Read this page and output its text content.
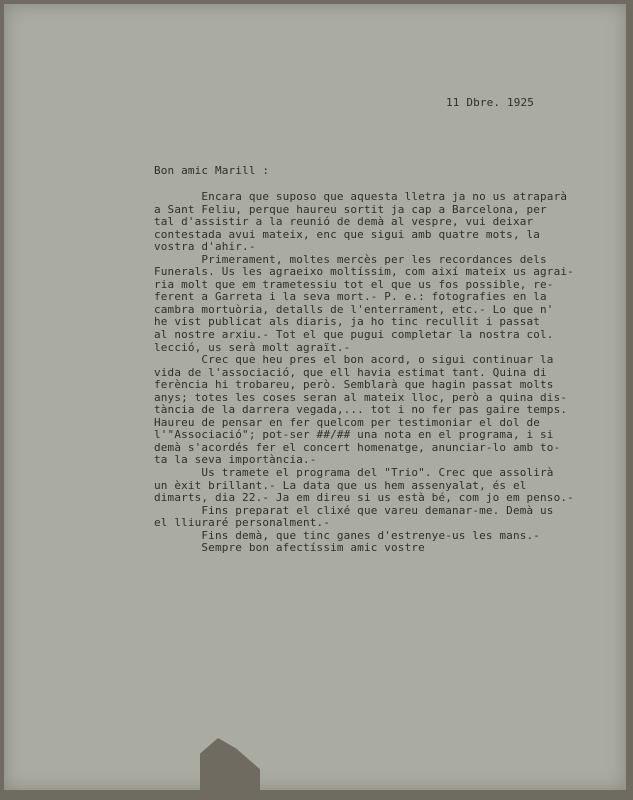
11 Dbre. 1925
Bon amic Marill :
Encara que suposo que aquesta lletra ja no us atraparà
a Sant Feliu, perque haureu sortit ja cap a Barcelona, per
tal d'assistir a la reunió de demà al vespre, vui deixar
contestada avui mateix, enc que sigui amb quatre mots, la
vostra d'ahir.-
Primerament, moltes mercès per les recordances dels
Funerals. Us les agraeixo moltíssim, com així mateix us agrai-
ria molt que em trametessiu tot el que us fos possible, re-
ferent a Garreta i la seva mort.- P. e.: fotografies en la
cambra mortuòria, detalls de l'enterrament, etc.- Lo que n'
he vist publicat als diaris, ja ho tinc recullit i passat
al nostre arxiu.- Tot el que pugui completar la nostra col.
lecció, us serà molt agraït.-
Crec que heu pres el bon acord, o sigui continuar la
vida de l'associació, que ell havia estimat tant. Quina di
ferència hi trobareu, però. Semblarà que hagin passat molts
anys; totes les coses seran al mateix lloc, però a quina dis-
tància de la darrera vegada,... tot i no fer pas gaire temps.
Haureu de pensar en fer quelcom per testimoniar el dol de
l'"Associació"; pot-ser ##/## una nota en el programa, i si
demà s'acordés fer el concert homenatge, anunciar-lo amb to-
ta la seva importància.-
Us tramete el programa del "Trio". Crec que assolirà
un èxit brillant.- La data que us hem assenyalat, és el
dimarts, dia 22.- Ja em direu si us està bé, com jo em penso.-
Fins preparat el clixé que vareu demanar-me. Demà us
el lliuraré personalment.-
Fins demà, que tinc ganes d'estrenye-us les mans.-
Sempre bon afectíssim amic vostre
